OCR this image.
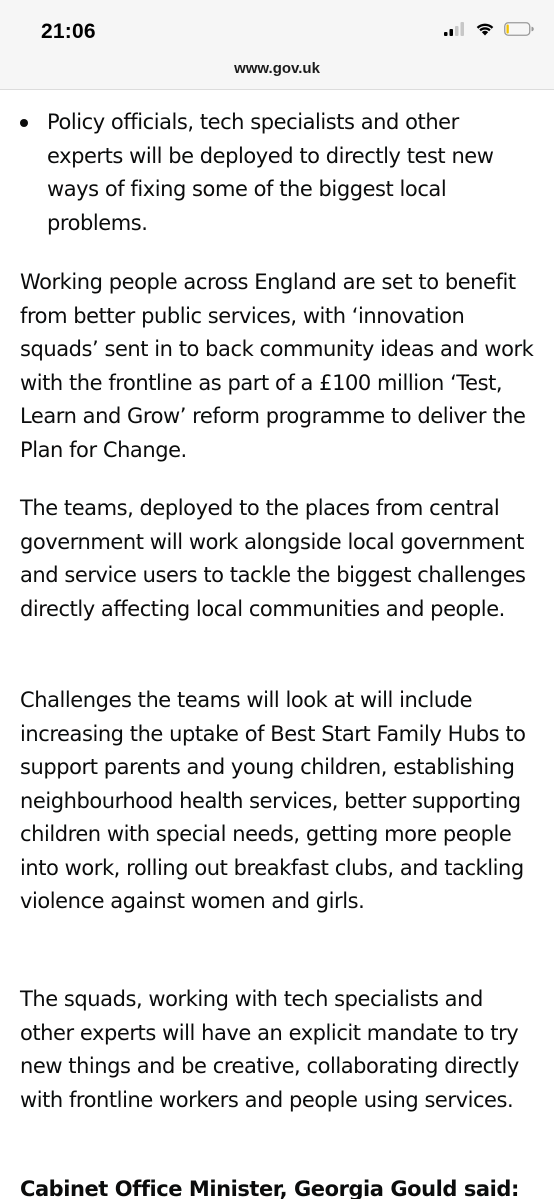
21:06
www.gov.uk
Policy officials, tech specialists and other experts will be deployed to directly test new ways of fixing some of the biggest local problems.

Working people across England are set to benefit from better public services, with ‘innovation squads’ sent in to back community ideas and work with the frontline as part of a £100 million ‘Test, Learn and Grow’ reform programme to deliver the Plan for Change.

The teams, deployed to the places from central government will work alongside local government and service users to tackle the biggest challenges directly affecting local communities and people.

Challenges the teams will look at will include increasing the uptake of Best Start Family Hubs to support parents and young children, establishing neighbourhood health services, better supporting children with special needs, getting more people into work, rolling out breakfast clubs, and tackling violence against women and girls.

The squads, working with tech specialists and other experts will have an explicit mandate to try new things and be creative, collaborating directly with frontline workers and people using services.

Cabinet Office Minister, Georgia Gould said:
